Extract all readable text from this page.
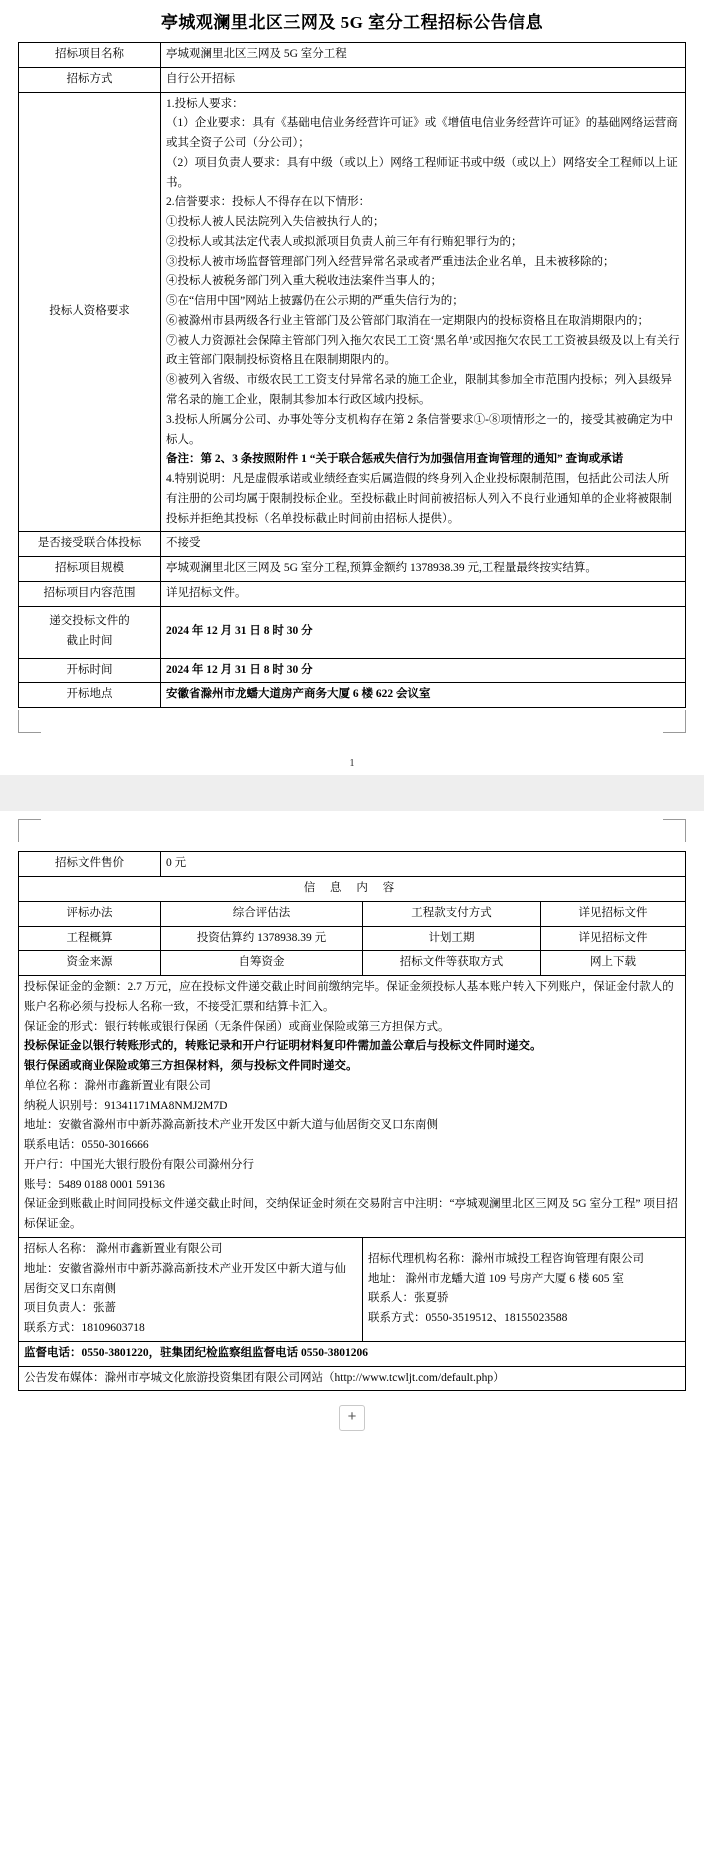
亭城观澜里北区三网及 5G 室分工程招标公告信息
招标项目名称	亭城观澜里北区三网及 5G 室分工程
招标方式	自行公开招标
投标人资格要求	

1.投标人要求：

（1）企业要求：具有《基础电信业务经营许可证》或《增值电信业务经营许可证》的基础网络运营商或其全资子公司（分公司）；

（2）项目负责人要求：具有中级（或以上）网络工程师证书或中级（或以上）网络安全工程师以上证书。

2.信誉要求：投标人不得存在以下情形：

①投标人被人民法院列入失信被执行人的；

②投标人或其法定代表人或拟派项目负责人前三年有行贿犯罪行为的；

③投标人被市场监督管理部门列入经营异常名录或者严重违法企业名单，且未被移除的；

④投标人被税务部门列入重大税收违法案件当事人的；

⑤在“信用中国”网站上披露仍在公示期的严重失信行为的；

⑥被滁州市县两级各行业主管部门及公管部门取消在一定期限内的投标资格且在取消期限内的；

⑦被人力资源社会保障主管部门列入拖欠农民工工资‘黑名单’或因拖欠农民工工资被县级及以上有关行政主管部门限制投标资格且在限制期限内的。

⑧被列入省级、市级农民工工资支付异常名录的施工企业，限制其参加全市范围内投标；列入县级异常名录的施工企业，限制其参加本行政区域内投标。

3.投标人所属分公司、办事处等分支机构存在第 2 条信誉要求①-⑧项情形之一的，接受其被确定为中标人。

备注：第 2、3 条按照附件 1 “关于联合惩戒失信行为加强信用查询管理的通知” 查询或承诺

4.特别说明：凡是虚假承诺或业绩经查实后属造假的终身列入企业投标限制范围，包括此公司法人所有注册的公司均属于限制投标企业。至投标截止时间前被招标人列入不良行业通知单的企业将被限制投标并拒绝其投标（名单投标截止时间前由招标人提供）。

是否接受联合体投标	不接受
招标项目规模	亭城观澜里北区三网及 5G 室分工程,预算金额约 1378938.39 元,工程量最终按实结算。
招标项目内容范围	详见招标文件。

递交投标文件的
截止时间	2024 年 12 月 31 日 8 时 30 分
开标时间	2024 年 12 月 31 日 8 时 30 分
开标地点	安徽省滁州市龙蟠大道房产商务大厦 6 楼 622 会议室
1
招标文件售价	0 元		
信 息 内 容			
评标办法	综合评估法	工程款支付方式	详见招标文件
工程概算	投资估算约 1378938.39 元	计划工期	详见招标文件
资金来源	自筹资金	招标文件等获取方式	网上下载

投标保证金的金额：2.7 万元，应在投标文件递交截止时间前缴纳完毕。保证金须投标人基本账户转入下列账户，保证金付款人的账户名称必须与投标人名称一致，不接受汇票和结算卡汇入。

保证金的形式：银行转帐或银行保函（无条件保函）或商业保险或第三方担保方式。

投标保证金以银行转账形式的，转账记录和开户行证明材料复印件需加盖公章后与投标文件同时递交。

银行保函或商业保险或第三方担保材料，须与投标文件同时递交。

单位名称 ：滁州市鑫新置业有限公司

纳税人识别号：91341171MA8NMJ2M7D

地址：安徽省滁州市中新苏滁高新技术产业开发区中新大道与仙居街交叉口东南侧

联系电话：0550-3016666

开户行：中国光大银行股份有限公司滁州分行

账号：5489 0188 0001 59136

保证金到账截止时间同投标文件递交截止时间，交纳保证金时须在交易附言中注明：“亭城观澜里北区三网及 5G 室分工程” 项目招标保证金。

招标人名称： 滁州市鑫新置业有限公司

地址：安徽省滁州市中新苏滁高新技术产业开发区中新大道与仙居街交叉口东南侧

项目负责人：张蔷

联系方式：18109603718

招标代理机构名称：滁州市城投工程咨询管理有限公司

地址： 滁州市龙蟠大道 109 号房产大厦 6 楼 605 室

联系人：张夏骄

联系方式：0550-3519512、18155023588

监督电话：0550-3801220，驻集团纪检监察组监督电话 0550-3801206			
公告发布媒体：滁州市亭城文化旅游投资集团有限公司网站（http://www.tcwljt.com/default.php）			
+
